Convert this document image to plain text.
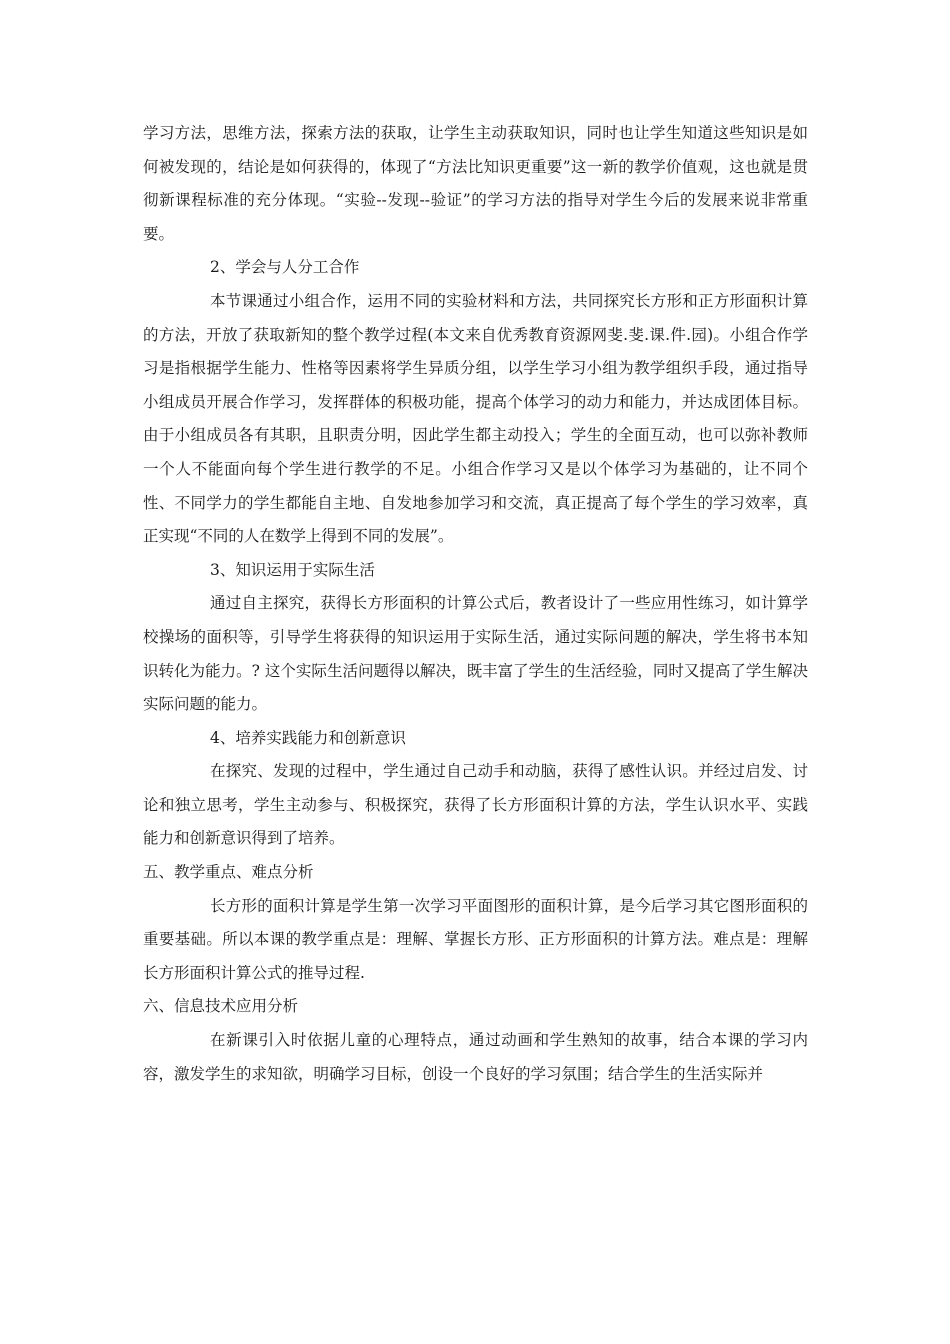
学习方法，思维方法，探索方法的获取，让学生主动获取知识，同时也让学生知道这些知识是如何被发现的，结论是如何获得的，体现了“方法比知识更重要”这一新的教学价值观，这也就是贯彻新课程标准的充分体现。“实验--发现--验证”的学习方法的指导对学生今后的发展来说非常重要。

2、学会与人分工合作

本节课通过小组合作，运用不同的实验材料和方法，共同探究长方形和正方形面积计算的方法，开放了获取新知的整个教学过程(本文来自优秀教育资源网斐.斐.课.件.园)。小组合作学习是指根据学生能力、性格等因素将学生异质分组，以学生学习小组为教学组织手段，通过指导小组成员开展合作学习，发挥群体的积极功能，提高个体学习的动力和能力，并达成团体目标。由于小组成员各有其职，且职责分明，因此学生都主动投入；学生的全面互动，也可以弥补教师一个人不能面向每个学生进行教学的不足。小组合作学习又是以个体学习为基础的，让不同个性、不同学力的学生都能自主地、自发地参加学习和交流，真正提高了每个学生的学习效率，真正实现“不同的人在数学上得到不同的发展”。

3、知识运用于实际生活

通过自主探究，获得长方形面积的计算公式后，教者设计了一些应用性练习，如计算学校操场的面积等，引导学生将获得的知识运用于实际生活，通过实际问题的解决，学生将书本知识转化为能力。? 这个实际生活问题得以解决，既丰富了学生的生活经验，同时又提高了学生解决实际问题的能力。

4、培养实践能力和创新意识

在探究、发现的过程中，学生通过自己动手和动脑，获得了感性认识。并经过启发、讨论和独立思考，学生主动参与、积极探究，获得了长方形面积计算的方法，学生认识水平、实践能力和创新意识得到了培养。

五、教学重点、难点分析

长方形的面积计算是学生第一次学习平面图形的面积计算，是今后学习其它图形面积的重要基础。所以本课的教学重点是：理解、掌握长方形、正方形面积的计算方法。难点是：理解长方形面积计算公式的推导过程.

六、信息技术应用分析

在新课引入时依据儿童的心理特点，通过动画和学生熟知的故事，结合本课的学习内容，激发学生的求知欲，明确学习目标，创设一个良好的学习氛围；结合学生的生活实际并
